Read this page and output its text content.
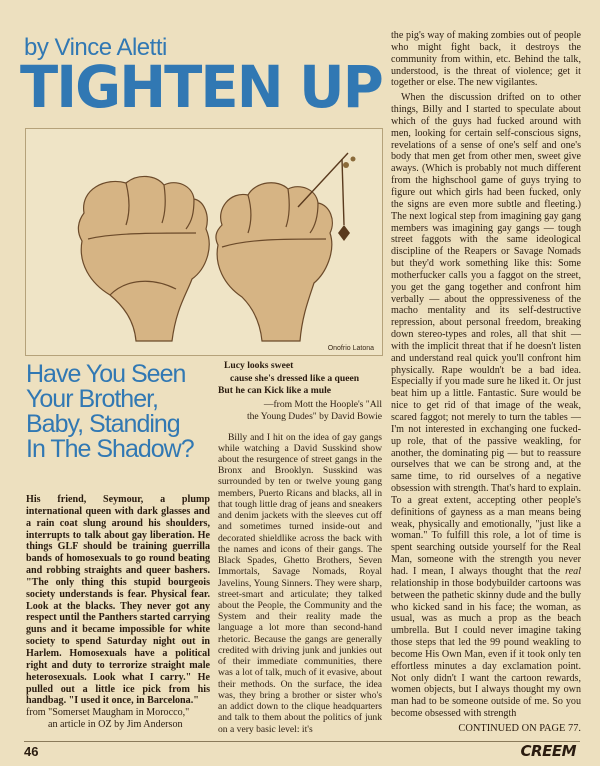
by Vince Aletti
TIGHTEN UP
Onofrio Latona
Have You Seen
Your Brother,
Baby, Standing
In The Shadow?

His friend, Seymour, a plump international queen with dark glasses and a rain coat slung around his shoulders, interrupts to talk about gay liberation. He things GLF should be training guerrilla bands of homosexuals to go round beating and robbing straights and queer bashers. "The only thing this stupid bourgeois society understands is fear. Physical fear. Look at the blacks. They never got any respect until the Panthers started carrying guns and it became impossible for white society to spend Saturday night out in Harlem. Homosexuals have a political right and duty to terrorize straight male heterosexuals. Look what I carry." He pulled out a little ice pick from his handbag. "I used it once, in Barcelona."

from "Somerset Maugham in Morocco,"
an article in OZ by Jim Anderson
Lucy looks sweet
cause she's dressed like a queen
But he can Kick like a mule
—from Mott the Hoople's "All
the Young Dudes" by David Bowie

Billy and I hit on the idea of gay gangs while watching a David Susskind show about the resurgence of street gangs in the Bronx and Brooklyn. Susskind was surrounded by ten or twelve young gang members, Puerto Ricans and blacks, all in that tough little drag of jeans and sneakers and denim jackets with the sleeves cut off and sometimes turned inside-out and decorated shieldlike across the back with the names and icons of their gangs. The Black Spades, Ghetto Brothers, Seven Immortals, Savage Nomads, Royal Javelins, Young Sinners. They were sharp, street-smart and articulate; they talked about the People, the Community and the System and their reality made the language a lot more than second-hand rhetoric. Because the gangs are generally credited with driving junk and junkies out of their immediate communities, there was a lot of talk, much of it evasive, about their methods. On the surface, the idea was, they bring a brother or sister who's an addict down to the clique headquarters and talk to them about the politics of junk on a very basic level: it's

the pig's way of making zombies out of people who might fight back, it destroys the community from within, etc. Behind the talk, understood, is the threat of violence; get it together or else. The new vigilantes.

When the discussion drifted on to other things, Billy and I started to speculate about which of the guys had fucked around with men, looking for certain self-conscious signs, revelations of a sense of one's self and one's body that men get from other men, sweet give aways. (Which is probably not much different from the highschool game of guys trying to figure out which girls had been fucked, only the signs are even more subtle and fleeting.) The next logical step from imagining gay gang members was imagining gay gangs — tough street faggots with the same ideological discipline of the Reapers or Savage Nomads but they'd work something like this: Some motherfucker calls you a faggot on the street, you get the gang together and confront him verbally — about the oppressiveness of the macho mentality and its self-destructive repression, about personal freedom, breaking down stereo-types and roles, all that shit — with the implicit threat that if he doesn't listen and understand real quick you'll confront him physically. Rape wouldn't be a bad idea. Especially if you made sure he liked it. Or just beat him up a little. Fantastic. Sure would be nice to get rid of that image of the weak, scared faggot; not merely to turn the tables — I'm not interested in exchanging one fucked-up role, that of the passive weakling, for another, the dominating pig — but to reassure ourselves that we can be strong and, at the same time, to rid ourselves of a negative obsession with strength. That's hard to explain. To a great extent, accepting other people's definitions of gayness as a man means being weak, physically and emotionally, "just like a woman." To fulfill this role, a lot of time is spent searching outside yourself for the Real Man, someone with the strength you never had. I mean, I always thought that the real relationship in those bodybuilder cartoons was between the pathetic skinny dude and the bully who kicked sand in his face; the woman, as usual, was as much a prop as the beach umbrella. But I could never imagine taking those steps that led the 99 pound weakling to become His Own Man, even if it took only ten effortless minutes a day exclamation point. Not only didn't I want the cartoon rewards, women objects, but I always thought my own man had to be someone outside of me. So you become obsessed with strength

CONTINUED ON PAGE 77.
46	CREEM
